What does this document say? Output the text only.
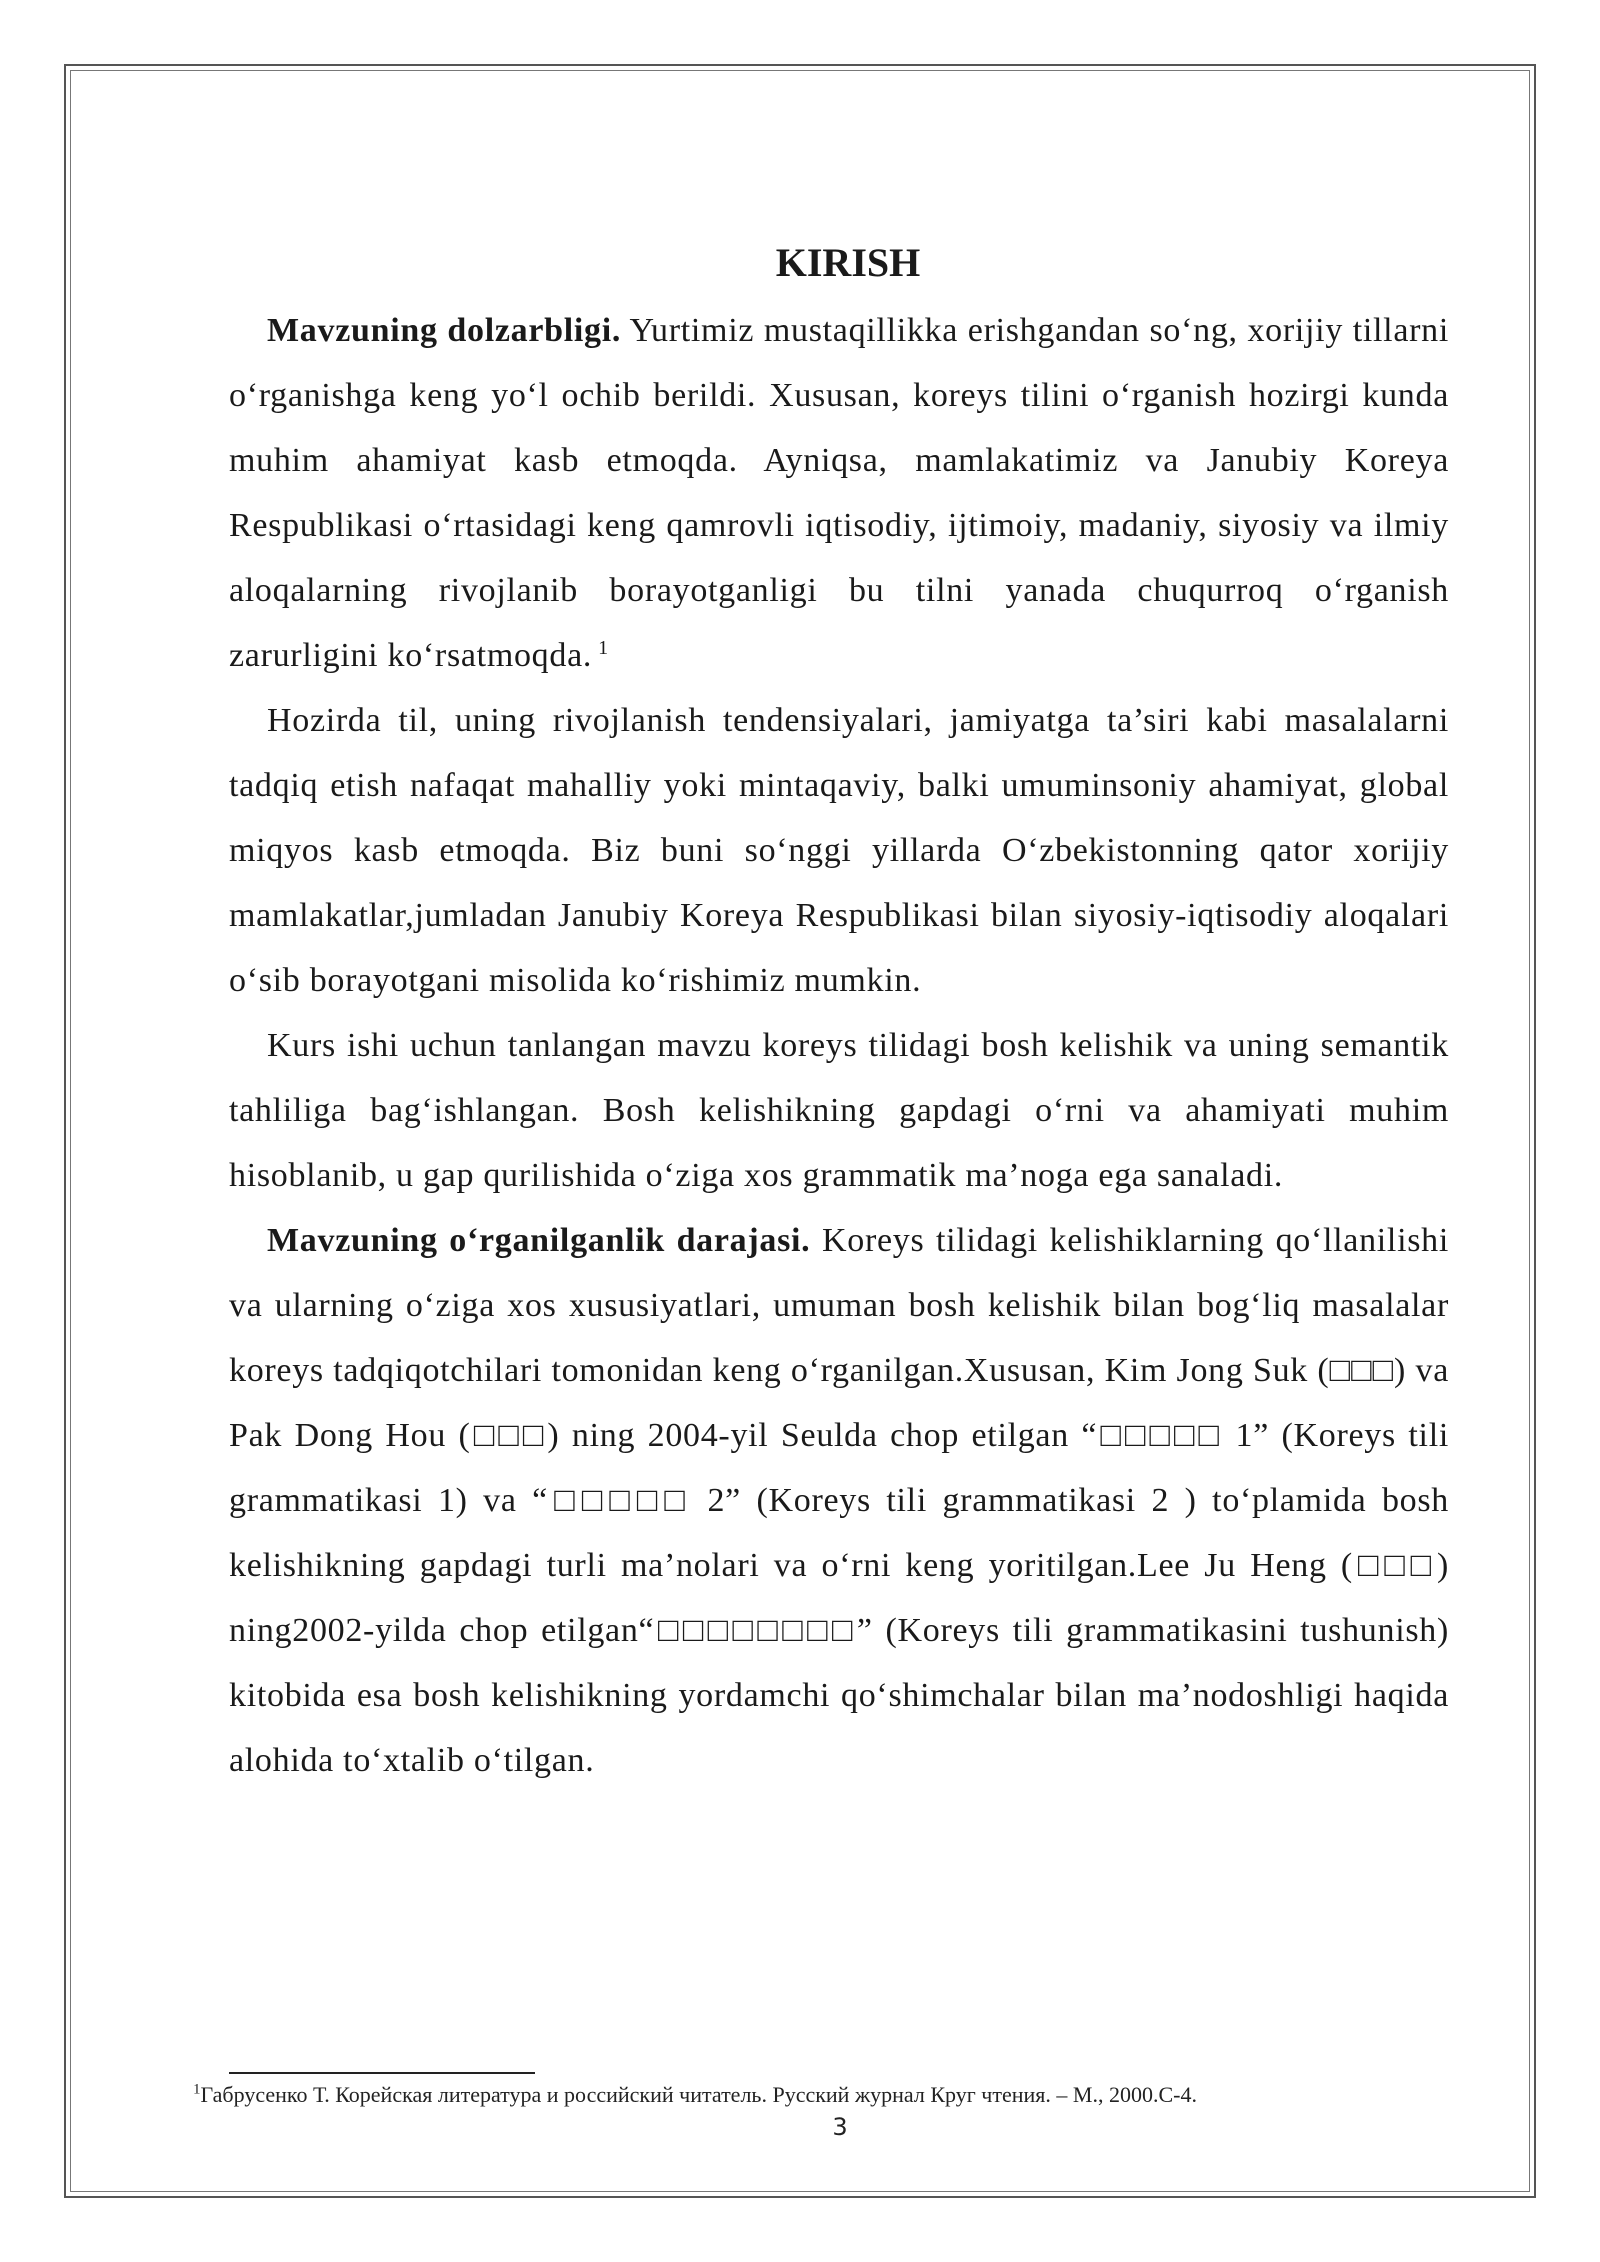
KIRISH

Mavzuning dolzarbligi. Yurtimiz mustaqillikka erishgandan so‘ng, xorijiy tillarni o‘rganishga keng yo‘l ochib berildi. Xususan, koreys tilini o‘rganish hozirgi kunda muhim ahamiyat kasb etmoqda. Ayniqsa, mamlakatimiz va Janubiy Koreya Respublikasi o‘rtasidagi keng qamrovli iqtisodiy, ijtimoiy, madaniy, siyosiy va ilmiy aloqalarning rivojlanib borayotganligi bu tilni yanada chuqurroq o‘rganish zarurligini ko‘rsatmoqda. $^1$

Hozirda til, uning rivojlanish tendensiyalari, jamiyatga ta’siri kabi masalalarni tadqiq etish nafaqat mahalliy yoki mintaqaviy, balki umuminsoniy ahamiyat, global miqyos kasb etmoqda. Biz buni so‘nggi yillarda O‘zbekistonning qator xorijiy mamlakatlar,jumladan Janubiy Koreya Respublikasi bilan siyosiy-iqtisodiy aloqalari o‘sib borayotgani misolida ko‘rishimiz mumkin.

Kurs ishi uchun tanlangan mavzu koreys tilidagi bosh kelishik va uning semantik tahliliga bag‘ishlangan. Bosh kelishikning gapdagi o‘rni va ahamiyati muhim hisoblanib, u gap qurilishida o‘ziga xos grammatik ma’noga ega sanaladi.

Mavzuning o‘rganilganlik darajasi. Koreys tilidagi kelishiklarning qo‘llanilishi va ularning o‘ziga xos xususiyatlari, umuman bosh kelishik bilan bog‘liq masalalar koreys tadqiqotchilari tomonidan keng o‘rganilgan.Xususan, Kim Jong Suk (□□□) va Pak Dong Hou (□□□) ning 2004-yil Seulda chop etilgan “□□□□□ 1” (Koreys tili grammatikasi 1) va “□□□□□ 2” (Koreys tili grammatikasi 2 ) to‘plamida bosh kelishikning gapdagi turli ma’nolari va o‘rni keng yoritilgan.Lee Ju Heng (□□□) ning2002-yilda chop etilgan“□□□□□□□□” (Koreys tili grammatikasini tushunish) kitobida esa bosh kelishikning yordamchi qo‘shimchalar bilan ma’nodoshligi haqida alohida to‘xtalib o‘tilgan.

$^1$Габрусенко Т. Корейская литература и российский читатель. Русский журнал Круг чтения. – М., 2000.С-4.
3
